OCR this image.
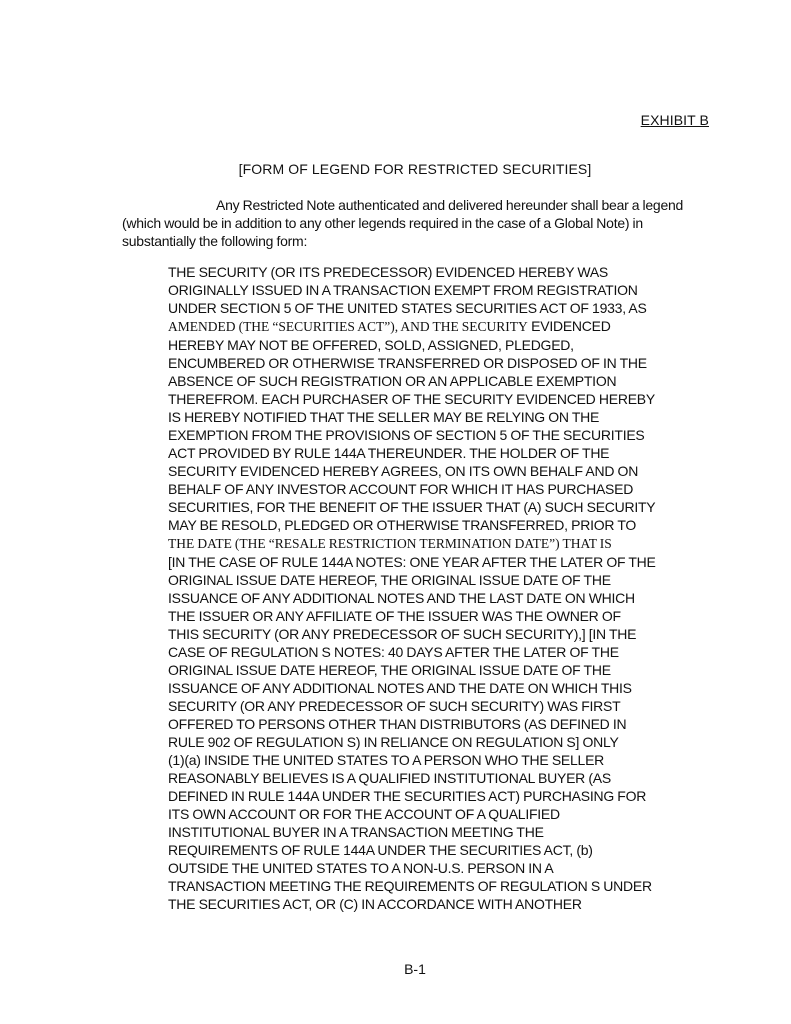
EXHIBIT B
[FORM OF LEGEND FOR RESTRICTED SECURITIES]
Any Restricted Note authenticated and delivered hereunder shall bear a legend (which would be in addition to any other legends required in the case of a Global Note) in substantially the following form:
THE SECURITY (OR ITS PREDECESSOR) EVIDENCED HEREBY WAS
ORIGINALLY ISSUED IN A TRANSACTION EXEMPT FROM REGISTRATION
UNDER SECTION 5 OF THE UNITED STATES SECURITIES ACT OF 1933, AS
AMENDED (THE “SECURITIES ACT”), AND THE SECURITY EVIDENCED
HEREBY MAY NOT BE OFFERED, SOLD, ASSIGNED, PLEDGED,
ENCUMBERED OR OTHERWISE TRANSFERRED OR DISPOSED OF IN THE
ABSENCE OF SUCH REGISTRATION OR AN APPLICABLE EXEMPTION
THEREFROM. EACH PURCHASER OF THE SECURITY EVIDENCED HEREBY
IS HEREBY NOTIFIED THAT THE SELLER MAY BE RELYING ON THE
EXEMPTION FROM THE PROVISIONS OF SECTION 5 OF THE SECURITIES
ACT PROVIDED BY RULE 144A THEREUNDER. THE HOLDER OF THE
SECURITY EVIDENCED HEREBY AGREES, ON ITS OWN BEHALF AND ON
BEHALF OF ANY INVESTOR ACCOUNT FOR WHICH IT HAS PURCHASED
SECURITIES, FOR THE BENEFIT OF THE ISSUER THAT (A) SUCH SECURITY
MAY BE RESOLD, PLEDGED OR OTHERWISE TRANSFERRED, PRIOR TO
THE DATE (THE “RESALE RESTRICTION TERMINATION DATE”) THAT IS
[IN THE CASE OF RULE 144A NOTES: ONE YEAR AFTER THE LATER OF THE
ORIGINAL ISSUE DATE HEREOF, THE ORIGINAL ISSUE DATE OF THE
ISSUANCE OF ANY ADDITIONAL NOTES AND THE LAST DATE ON WHICH
THE ISSUER OR ANY AFFILIATE OF THE ISSUER WAS THE OWNER OF
THIS SECURITY (OR ANY PREDECESSOR OF SUCH SECURITY),] [IN THE
CASE OF REGULATION S NOTES: 40 DAYS AFTER THE LATER OF THE
ORIGINAL ISSUE DATE HEREOF, THE ORIGINAL ISSUE DATE OF THE
ISSUANCE OF ANY ADDITIONAL NOTES AND THE DATE ON WHICH THIS
SECURITY (OR ANY PREDECESSOR OF SUCH SECURITY) WAS FIRST
OFFERED TO PERSONS OTHER THAN DISTRIBUTORS (AS DEFINED IN
RULE 902 OF REGULATION S) IN RELIANCE ON REGULATION S] ONLY
(1)(a) INSIDE THE UNITED STATES TO A PERSON WHO THE SELLER
REASONABLY BELIEVES IS A QUALIFIED INSTITUTIONAL BUYER (AS
DEFINED IN RULE 144A UNDER THE SECURITIES ACT) PURCHASING FOR
ITS OWN ACCOUNT OR FOR THE ACCOUNT OF A QUALIFIED
INSTITUTIONAL BUYER IN A TRANSACTION MEETING THE
REQUIREMENTS OF RULE 144A UNDER THE SECURITIES ACT, (b)
OUTSIDE THE UNITED STATES TO A NON-U.S. PERSON IN A
TRANSACTION MEETING THE REQUIREMENTS OF REGULATION S UNDER
THE SECURITIES ACT, OR (C) IN ACCORDANCE WITH ANOTHER
B-1
